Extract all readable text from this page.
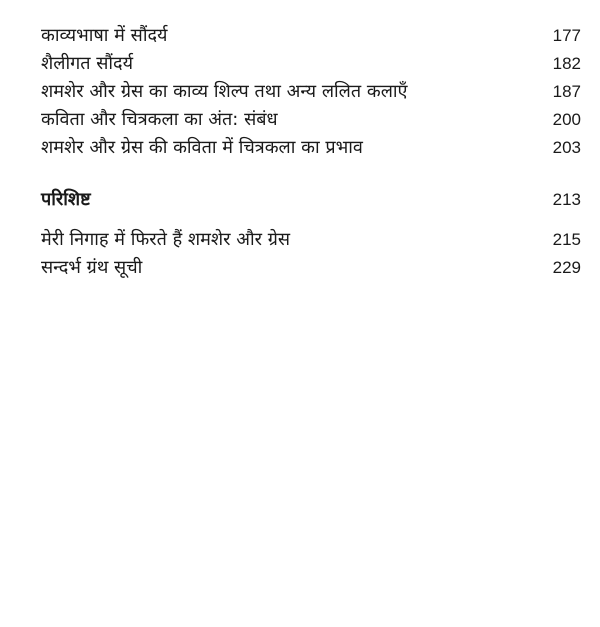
काव्यभाषा में सौंदर्य	177
शैलीगत सौंदर्य	182
शमशेर और ग्रेस का काव्य शिल्प तथा अन्य ललित कलाएँ	187
कविता और चित्रकला का अंत: संबंध	200
शमशेर और ग्रेस की कविता में चित्रकला का प्रभाव	203
परिशिष्ट	213
मेरी निगाह में फिरते हैं शमशेर और ग्रेस	215
सन्दर्भ ग्रंथ सूची	229
